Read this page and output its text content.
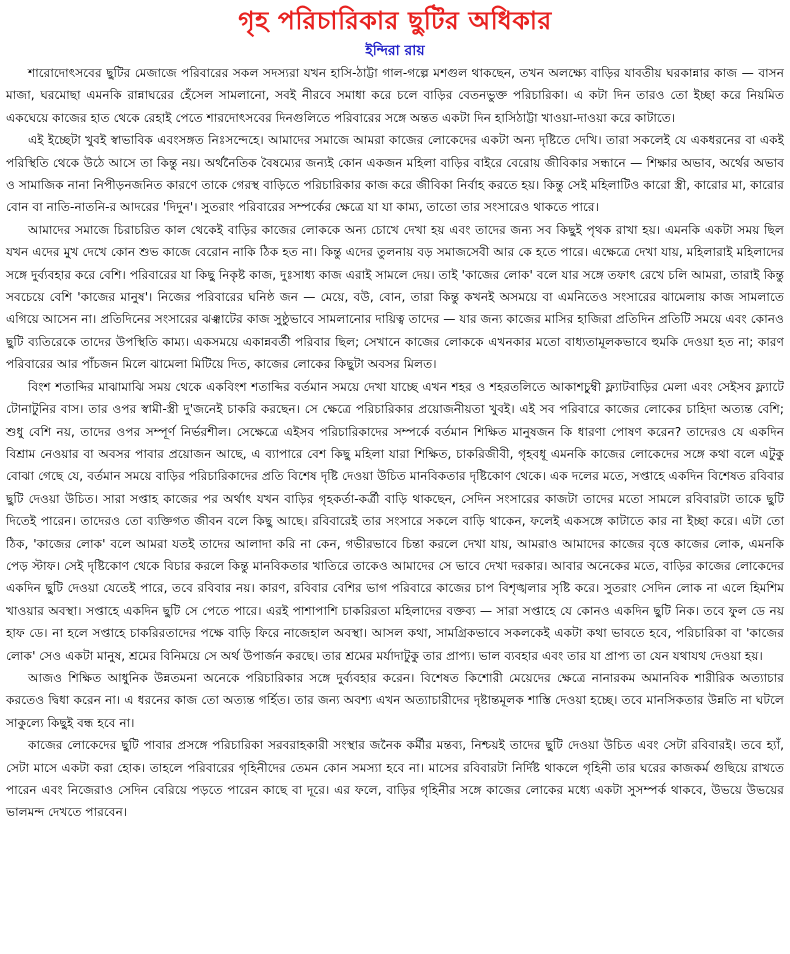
গৃহ পরিচারিকার ছুটির অধিকার
ইন্দিরা রায়

শারোদোৎসবের ছুটির মেজাজে পরিবারের সকল সদস্যরা যখন হাসি-ঠাট্টা গাল-গল্পে মশগুল থাকছেন, তখন অলক্ষ্যে বাড়ির যাবতীয় ঘরকান্নার কাজ — বাসন মাজা, ঘরমোছা এমনকি রান্নাঘরের হেঁসেল সামলানো, সবই নীরবে সমাধা করে চলে বাড়ির বেতনভুক্ত পরিচারিকা। এ কটা দিন তারও তো ইচ্ছা করে নিয়মিত একঘেয়ে কাজের হাত থেকে রেহাই পেতে শারদোৎসবের দিনগুলিতে পরিবারের সঙ্গে অন্তত একটা দিন হাসিঠাট্টা খাওয়া-দাওয়া করে কাটাতে।

এই ইচ্ছেটা খুবই স্বাভাবিক এবংসঙ্গত নিঃসন্দেহে। আমাদের সমাজে আমরা কাজের লোকেদের একটা অন্য দৃষ্টিতে দেখি। তারা সকলেই যে একধরনের বা একই পরিস্থিতি থেকে উঠে আসে তা কিন্তু নয়। অর্থনৈতিক বৈষম্যের জন্যই কোন একজন মহিলা বাড়ির বাইরে বেরোয় জীবিকার সন্ধানে — শিক্ষার অভাব, অর্থের অভাব ও সামাজিক নানা নিপীড়নজনিত কারণে তাকে গেরস্থ বাড়িতে পরিচারিকার কাজ করে জীবিকা নির্বাহ করতে হয়। কিন্তু সেই মহিলাটিও কারো স্ত্রী, কারোর মা, কারোর বোন বা নাতি-নাতনি-র আদরের 'দিদুন'। সুতরাং পরিবারের সম্পর্কের ক্ষেত্রে যা যা কাম্য, তাতো তার সংসারেও থাকতে পারে।

আমাদের সমাজে চিরাচরিত কাল থেকেই বাড়ির কাজের লোককে অন্য চোখে দেখা হয় এবং তাদের জন্য সব কিছুই পৃথক রাখা হয়। এমনকি একটা সময় ছিল যখন এদের মুখ দেখে কোন শুভ কাজে বেরোন নাকি ঠিক হত না। কিন্তু এদের তুলনায় বড় সমাজসেবী আর কে হতে পারে। এক্ষেত্রে দেখা যায়, মহিলারাই মহিলাদের সঙ্গে দুর্ব্যবহার করে বেশি। পরিবারের যা কিছু নিকৃষ্ট কাজ, দুঃসাধ্য কাজ এরাই সামলে দেয়। তাই 'কাজের লোক' বলে যার সঙ্গে তফাৎ রেখে চলি আমরা, তারাই কিন্তু সবচেয়ে বেশি 'কাজের মানুষ'। নিজের পরিবারের ঘনিষ্ঠ জন — মেয়ে, বউ, বোন, তারা কিন্তু কখনই অসময়ে বা এমনিতেও সংসারের ঝামেলায় কাজ সামলাতে এগিয়ে আসেন না। প্রতিদিনের সংসারের ঝঞ্ঝাটের কাজ সুষ্ঠুভাবে সামলানোর দায়িত্ব তাদের — যার জন্য কাজের মাসির হাজিরা প্রতিদিন প্রতিটি সময়ে এবং কোনও ছুটি ব্যতিরেকে তাদের উপস্থিতি কাম্য। একসময়ে একান্নবর্তী পরিবার ছিল; সেখানে কাজের লোককে এখনকার মতো বাধ্যতামূলকভাবে হুমকি দেওয়া হত না; কারণ পরিবারের আর পাঁচজন মিলে ঝামেলা মিটিয়ে দিত, কাজের লোকের কিছুটা অবসর মিলত।

বিংশ শতাব্দির মাঝামাঝি সময় থেকে একবিংশ শতাব্দির বর্তমান সময়ে দেখা যাচ্ছে এখন শহর ও শহরতলিতে আকাশচুম্বী ফ্ল্যাটবাড়ির মেলা এবং সেইসব ফ্ল্যাটে টোনাটুনির বাস। তার ওপর স্বামী-স্ত্রী দু'জনেই চাকরি করছেন। সে ক্ষেত্রে পরিচারিকার প্রয়োজনীয়তা খুবই। এই সব পরিবারে কাজের লোকের চাহিদা অত্যন্ত বেশি; শুধু বেশি নয়, তাদের ওপর সম্পূর্ণ নির্ভরশীল। সেক্ষেত্রে এইসব পরিচারিকাদের সম্পর্কে বর্তমান শিক্ষিত মানুষজন কি ধারণা পোষণ করেন? তাদেরও যে একদিন বিশ্রাম নেওয়ার বা অবসর পাবার প্রয়োজন আছে, এ ব্যাপারে বেশ কিছু মহিলা যারা শিক্ষিত, চাকরিজীবী, গৃহবধূ এমনকি কাজের লোকেদের সঙ্গে কথা বলে এটুকু বোঝা গেছে যে, বর্তমান সময়ে বাড়ির পরিচারিকাদের প্রতি বিশেষ দৃষ্টি দেওয়া উচিত মানবিকতার দৃষ্টিকোণ থেকে। এক দলের মতে, সপ্তাহে একদিন বিশেষত রবিবার ছুটি দেওয়া উচিত। সারা সপ্তাহ কাজের পর অর্থাৎ যখন বাড়ির গৃহকর্তা-কর্ত্রী বাড়ি থাকছেন, সেদিন সংসারের কাজটা তাদের মতো সামলে রবিবারটা তাকে ছুটি দিতেই পারেন। তাদেরও তো ব্যক্তিগত জীবন বলে কিছু আছে। রবিবারেই তার সংসারে সকলে বাড়ি থাকেন, ফলেই একসঙ্গে কাটাতে কার না ইচ্ছা করে। এটা তো ঠিক, 'কাজের লোক' বলে আমরা যতই তাদের আলাদা করি না কেন, গভীরভাবে চিন্তা করলে দেখা যায়, আমরাও আমাদের কাজের বৃত্তে কাজের লোক, এমনকি পেড় স্টাফ। সেই দৃষ্টিকোণ থেকে বিচার করলে কিন্তু মানবিকতার খাতিরে তাকেও আমাদের সে ভাবে দেখা দরকার। আবার অনেকের মতে, বাড়ির কাজের লোকেদের একদিন ছুটি দেওয়া যেতেই পারে, তবে রবিবার নয়। কারণ, রবিবার বেশির ভাগ পরিবারে কাজের চাপ বিশৃঙ্খলার সৃষ্টি করে। সুতরাং সেদিন লোক না এলে হিমশিম খাওয়ার অবস্থা। সপ্তাহে একদিন ছুটি সে পেতে পারে। এরই পাশাপাশি চাকরিরতা মহিলাদের বক্তব্য — সারা সপ্তাহে যে কোনও একদিন ছুটি নিক। তবে ফুল ডে নয় হাফ ডে। না হলে সপ্তাহে চাকরিরতাদের পক্ষে বাড়ি ফিরে নাজেহাল অবস্থা। আসল কথা, সামগ্রিকভাবে সকলকেই একটা কথা ভাবতে হবে, পরিচারিকা বা 'কাজের লোক' সেও একটা মানুষ, শ্রমের বিনিময়ে সে অর্থ উপার্জন করছে। তার শ্রমের মর্যাদাটুকু তার প্রাপ্য। ভাল ব্যবহার এবং তার যা প্রাপ্য তা যেন যথাযথ দেওয়া হয়।

আজও শিক্ষিত আধুনিক উন্নতমনা অনেকে পরিচারিকার সঙ্গে দুর্ব্যবহার করেন। বিশেষত কিশোরী মেয়েদের ক্ষেত্রে নানারকম অমানবিক শারীরিক অত্যাচার করতেও দ্বিধা করেন না। এ ধরনের কাজ তো অত্যন্ত গর্হিত। তার জন্য অবশ্য এখন অত্যাচারীদের দৃষ্টান্তমূলক শাস্তি দেওয়া হচ্ছে। তবে মানসিকতার উন্নতি না ঘটলে সাকুল্যে কিছুই বন্ধ হবে না।

কাজের লোকেদের ছুটি পাবার প্রসঙ্গে পরিচারিকা সরবরাহকারী সংস্থার জনৈক কর্মীর মন্তব্য, নিশ্চয়ই তাদের ছুটি দেওয়া উচিত এবং সেটা রবিবারই। তবে হ্যাঁ, সেটা মাসে একটা করা হোক। তাহলে পরিবারের গৃহিনীদের তেমন কোন সমস্যা হবে না। মাসের রবিবারটা নির্দিষ্ট থাকলে গৃহিনী তার ঘরের কাজকর্ম গুছিয়ে রাখতে পারেন এবং নিজেরাও সেদিন বেরিয়ে পড়তে পারেন কাছে বা দূরে। এর ফলে, বাড়ির গৃহিনীর সঙ্গে কাজের লোকের মধ্যে একটা সুসম্পর্ক থাকবে, উভয়ে উভয়ের ভালমন্দ দেখতে পারবেন।
